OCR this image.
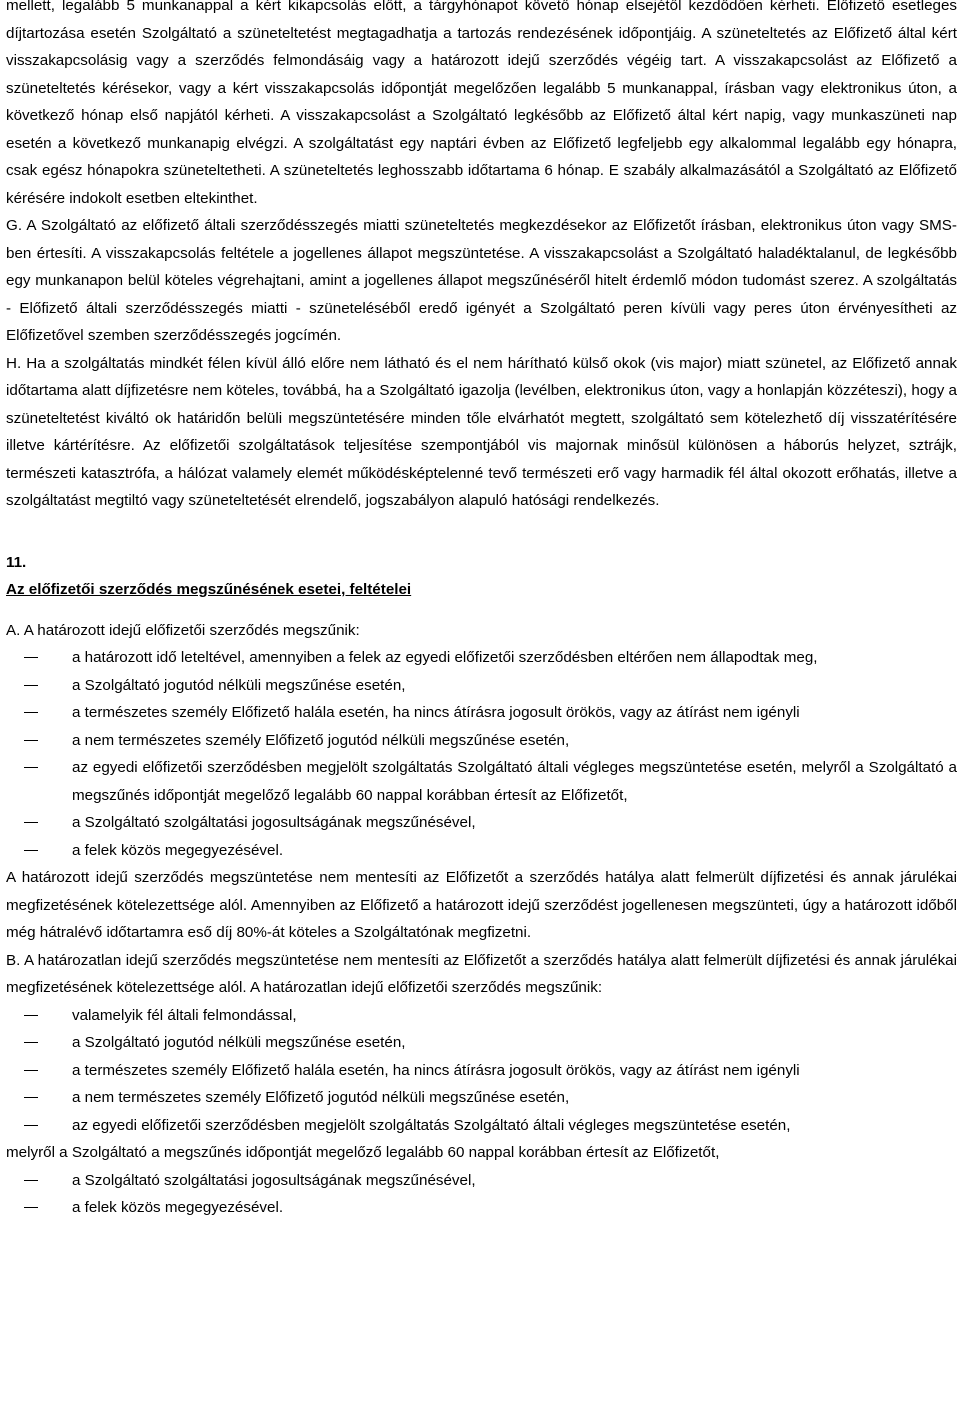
mellett, legalább 5 munkanappal a kért kikapcsolás előtt, a tárgyhónapot követő hónap elsejétől kezdődően kérheti. Előfizető esetleges díjtartozása esetén Szolgáltató a szüneteltetést megtagadhatja a tartozás rendezésének időpontjáig. A szüneteltetés az Előfizető által kért visszakapcsolásig vagy a szerződés felmondásáig vagy a határozott idejű szerződés végéig tart. A visszakapcsolást az Előfizető a szüneteltetés kérésekor, vagy a kért visszakapcsolás időpontját megelőzően legalább 5 munkanappal, írásban vagy elektronikus úton, a következő hónap első napjától kérheti. A visszakapcsolást a Szolgáltató legkésőbb az Előfizető által kért napig, vagy munkaszüneti nap esetén a következő munkanapig elvégzi. A szolgáltatást egy naptári évben az Előfizető legfeljebb egy alkalommal legalább egy hónapra, csak egész hónapokra szüneteltetheti. A szüneteltetés leghosszabb időtartama 6 hónap. E szabály alkalmazásától a Szolgáltató az Előfizető kérésére indokolt esetben eltekinthet.

G. A Szolgáltató az előfizető általi szerződésszegés miatti szüneteltetés megkezdésekor az Előfizetőt írásban, elektronikus úton vagy SMS-ben értesíti. A visszakapcsolás feltétele a jogellenes állapot megszüntetése. A visszakapcsolást a Szolgáltató haladéktalanul, de legkésőbb egy munkanapon belül köteles végrehajtani, amint a jogellenes állapot megszűnéséről hitelt érdemlő módon tudomást szerez. A szolgáltatás - Előfizető általi szerződésszegés miatti - szüneteléséből eredő igényét a Szolgáltató peren kívüli vagy peres úton érvényesítheti az Előfizetővel szemben szerződésszegés jogcímén.

H. Ha a szolgáltatás mindkét félen kívül álló előre nem látható és el nem hárítható külső okok (vis major) miatt szünetel, az Előfizető annak időtartama alatt díjfizetésre nem köteles, továbbá, ha a Szolgáltató igazolja (levélben, elektronikus úton, vagy a honlapján közzéteszi), hogy a szüneteltetést kiváltó ok határidőn belüli megszüntetésére minden tőle elvárhatót megtett, szolgáltató sem kötelezhető díj visszatérítésére illetve kártérítésre. Az előfizetői szolgáltatások teljesítése szempontjából vis majornak minősül különösen a háborús helyzet, sztrájk, természeti katasztrófa, a hálózat valamely elemét működésképtelenné tevő természeti erő vagy harmadik fél által okozott erőhatás, illetve a szolgáltatást megtiltó vagy szüneteltetését elrendelő, jogszabályon alapuló hatósági rendelkezés.

11.

Az előfizetői szerződés megszűnésének esetei, feltételei

A. A határozott idejű előfizetői szerződés megszűnik:

a határozott idő leteltével, amennyiben a felek az egyedi előfizetői szerződésben eltérően nem állapodtak meg,
a Szolgáltató jogutód nélküli megszűnése esetén,
a természetes személy Előfizető halála esetén, ha nincs átírásra jogosult örökös, vagy az átírást nem igényli
a nem természetes személy Előfizető jogutód nélküli megszűnése esetén,
az egyedi előfizetői szerződésben megjelölt szolgáltatás Szolgáltató általi végleges megszüntetése esetén, melyről a Szolgáltató a megszűnés időpontját megelőző legalább 60 nappal korábban értesít az Előfizetőt,
a Szolgáltató szolgáltatási jogosultságának megszűnésével,
a felek közös megegyezésével.

A határozott idejű szerződés megszüntetése nem mentesíti az Előfizetőt a szerződés hatálya alatt felmerült díjfizetési és annak járulékai megfizetésének kötelezettsége alól. Amennyiben az Előfizető a határozott idejű szerződést jogellenesen megszünteti, úgy a határozott időből még hátralévő időtartamra eső díj 80%-át köteles a Szolgáltatónak megfizetni.

B. A határozatlan idejű szerződés megszüntetése nem mentesíti az Előfizetőt a szerződés hatálya alatt felmerült díjfizetési és annak járulékai megfizetésének kötelezettsége alól. A határozatlan idejű előfizetői szerződés megszűnik:

valamelyik fél általi felmondással,
a Szolgáltató jogutód nélküli megszűnése esetén,
a természetes személy Előfizető halála esetén, ha nincs átírásra jogosult örökös, vagy az átírást nem igényli
a nem természetes személy Előfizető jogutód nélküli megszűnése esetén,
az egyedi előfizetői szerződésben megjelölt szolgáltatás Szolgáltató általi végleges megszüntetése esetén,
melyről a Szolgáltató a megszűnés időpontját megelőző legalább 60 nappal korábban értesít az Előfizetőt,
a Szolgáltató szolgáltatási jogosultságának megszűnésével,
a felek közös megegyezésével.
